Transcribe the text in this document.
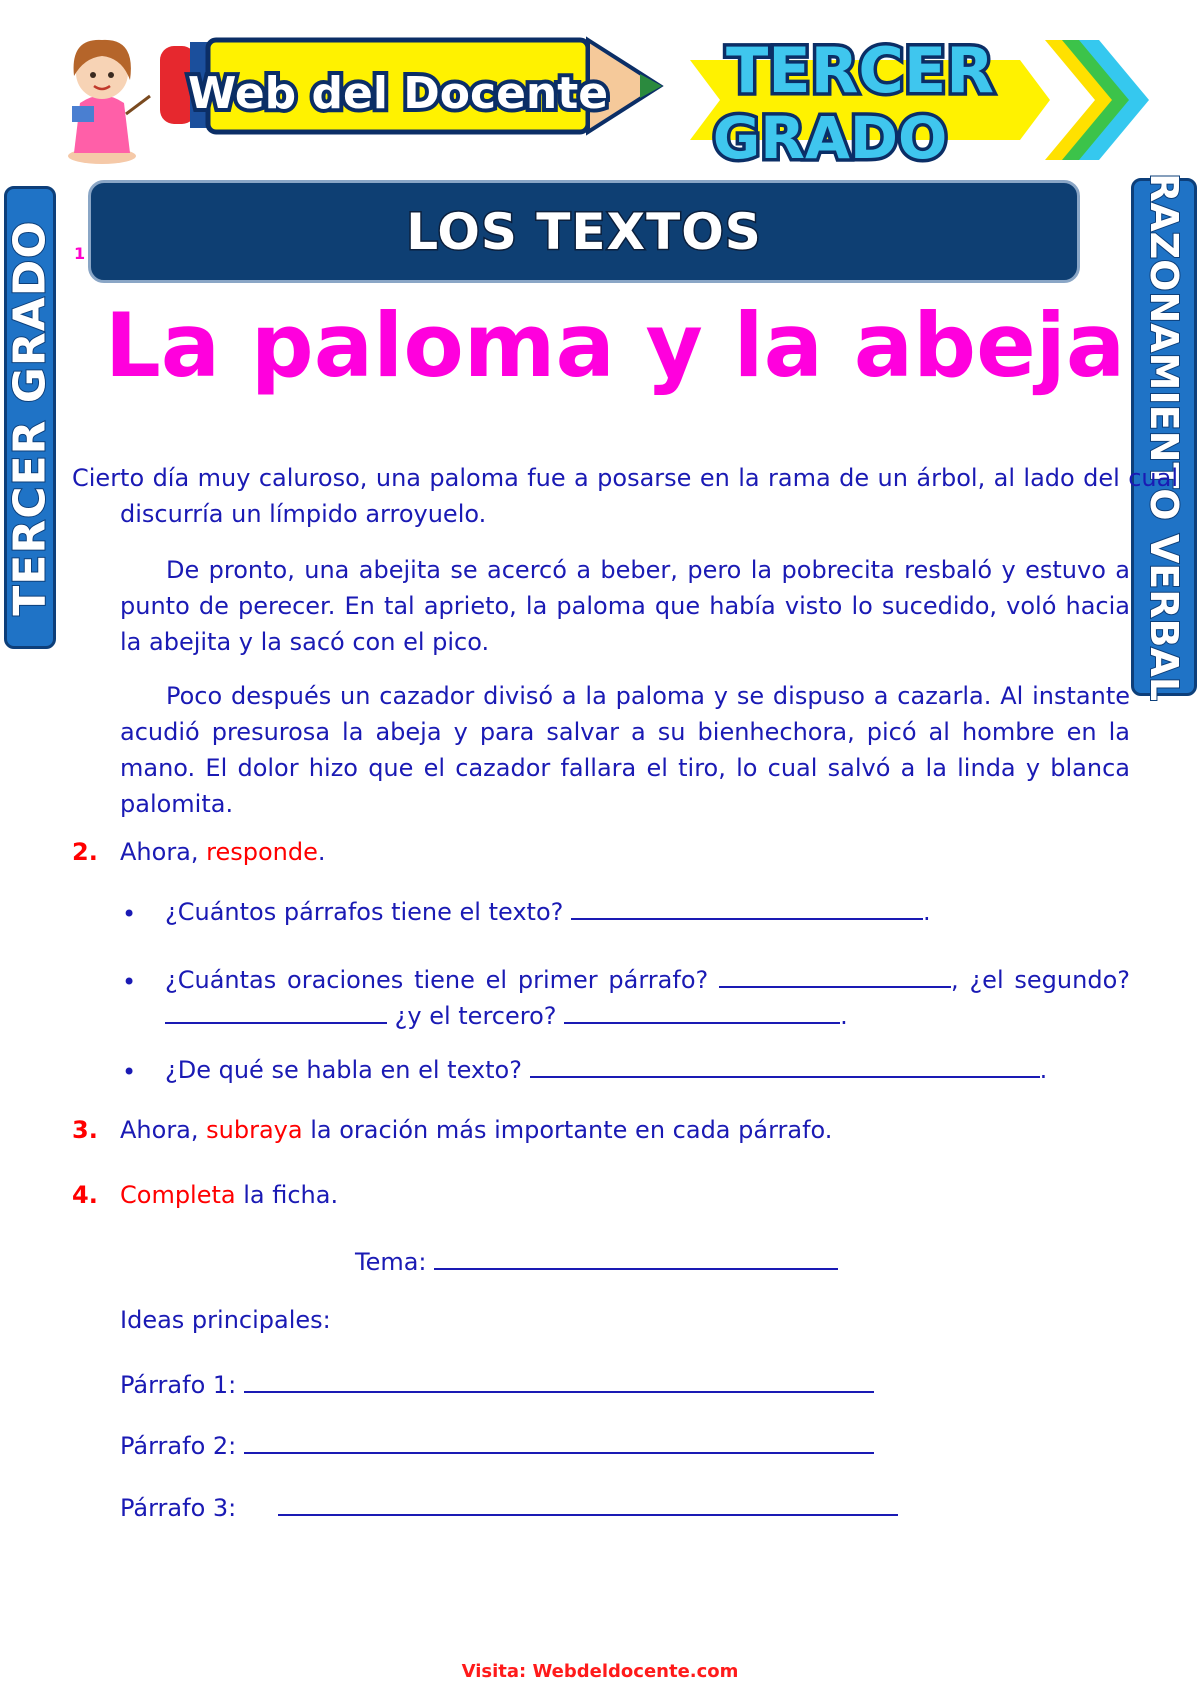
Web del Docente TERCER
GRADO
TERCER GRADO	RAZONAMIENTO VERBAL
1	LOS TEXTOS
La paloma y la abeja
Cierto día muy caluroso, una paloma fue a posarse en la rama de un árbol, al lado del cual discurría un límpido arroyuelo.
De pronto, una abejita se acercó a beber, pero la pobrecita resbaló y estuvo a punto de perecer. En tal aprieto, la paloma que había visto lo sucedido, voló hacia la abejita y la sacó con el pico.
Poco después un cazador divisó a la paloma y se dispuso a cazarla. Al instante acudió presurosa la abeja y para salvar a su bienhechora, picó al hombre en la mano. El dolor hizo que el cazador fallara el tiro, lo cual salvó a la linda y blanca palomita.
2. Ahora, responde.
• ¿Cuántos párrafos tiene el texto?	.
• ¿Cuántas oraciones tiene el primer párrafo?	, ¿el segundo?  ¿y el tercero?	.
• ¿De qué se habla en el texto?	.
3. Ahora, subraya la oración más importante en cada párrafo.
4. Completa la ficha.
Tema:
Ideas principales:
Párrafo 1:
Párrafo 2:
Párrafo 3:
Visita: Webdeldocente.com
